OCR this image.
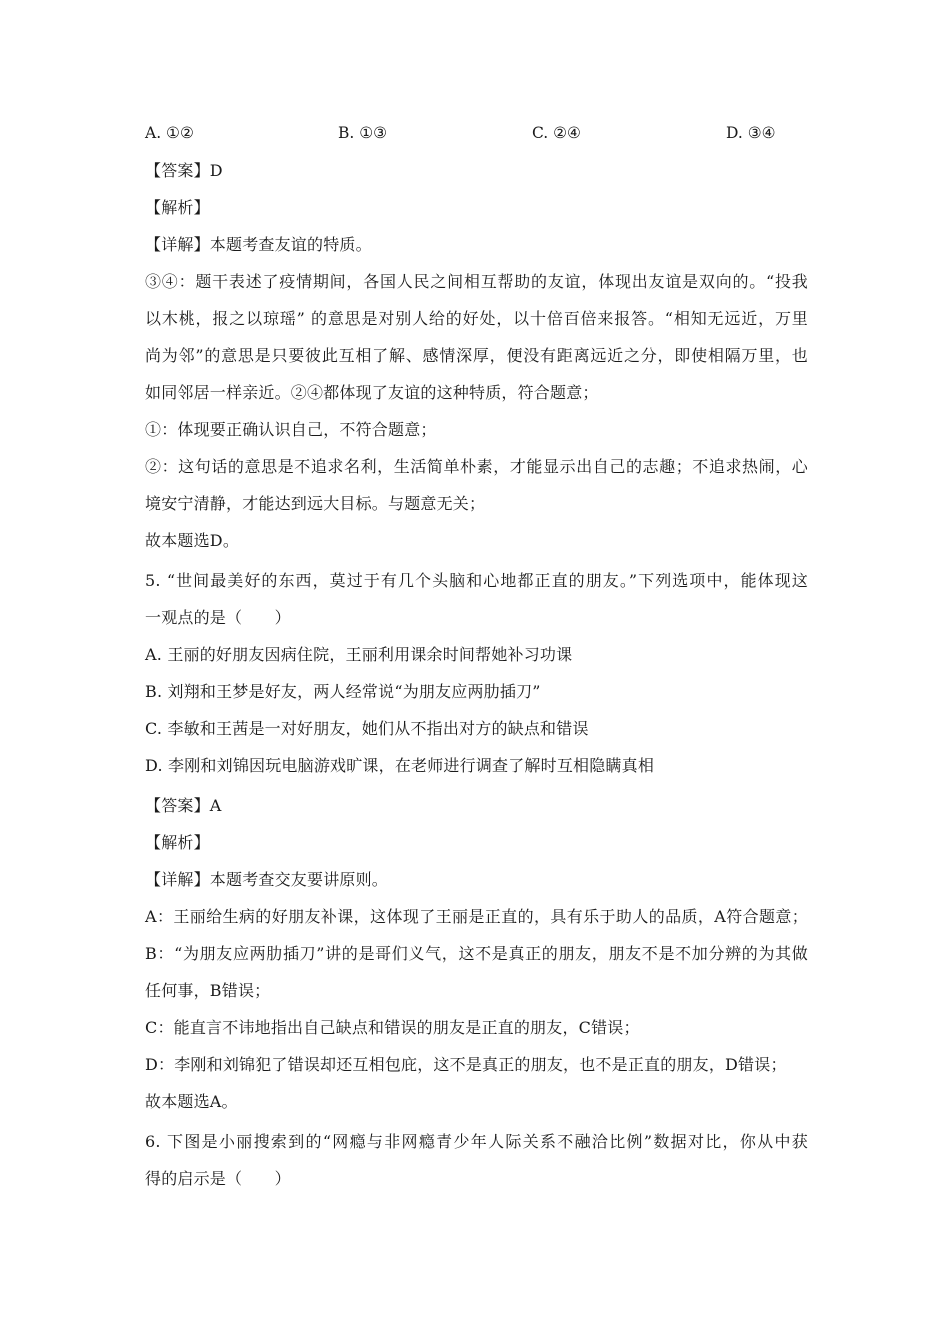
A. ①②	B. ①③	C. ②④	D. ③④
【答案】D
【解析】
【详解】本题考查友谊的特质。
③④：题干表述了疫情期间，各国人民之间相互帮助的友谊，体现出友谊是双向的。“投我
以木桃，报之以琼瑶” 的意思是对别人给的好处，以十倍百倍来报答。“相知无远近，万里
尚为邻”的意思是只要彼此互相了解、感情深厚，便没有距离远近之分，即使相隔万里，也
如同邻居一样亲近。②④都体现了友谊的这种特质，符合题意；
①：体现要正确认识自己，不符合题意；
②：这句话的意思是不追求名利，生活简单朴素，才能显示出自己的志趣；不追求热闹，心
境安宁清静，才能达到远大目标。与题意无关；
故本题选D。
5. “世间最美好的东西，莫过于有几个头脑和心地都正直的朋友。”下列选项中，能体现这
一观点的是（　　）
A. 王丽的好朋友因病住院，王丽利用课余时间帮她补习功课
B. 刘翔和王梦是好友，两人经常说“为朋友应两肋插刀”
C. 李敏和王茜是一对好朋友，她们从不指出对方的缺点和错误
D. 李刚和刘锦因玩电脑游戏旷课，在老师进行调查了解时互相隐瞒真相
【答案】A
【解析】
【详解】本题考查交友要讲原则。
A：王丽给生病的好朋友补课，这体现了王丽是正直的，具有乐于助人的品质，A符合题意；
B：“为朋友应两肋插刀”讲的是哥们义气，这不是真正的朋友，朋友不是不加分辨的为其做
任何事，B错误；
C：能直言不讳地指出自己缺点和错误的朋友是正直的朋友，C错误；
D：李刚和刘锦犯了错误却还互相包庇，这不是真正的朋友，也不是正直的朋友，D错误；
故本题选A。
6. 下图是小丽搜索到的“网瘾与非网瘾青少年人际关系不融洽比例”数据对比，你从中获
得的启示是（　　）
